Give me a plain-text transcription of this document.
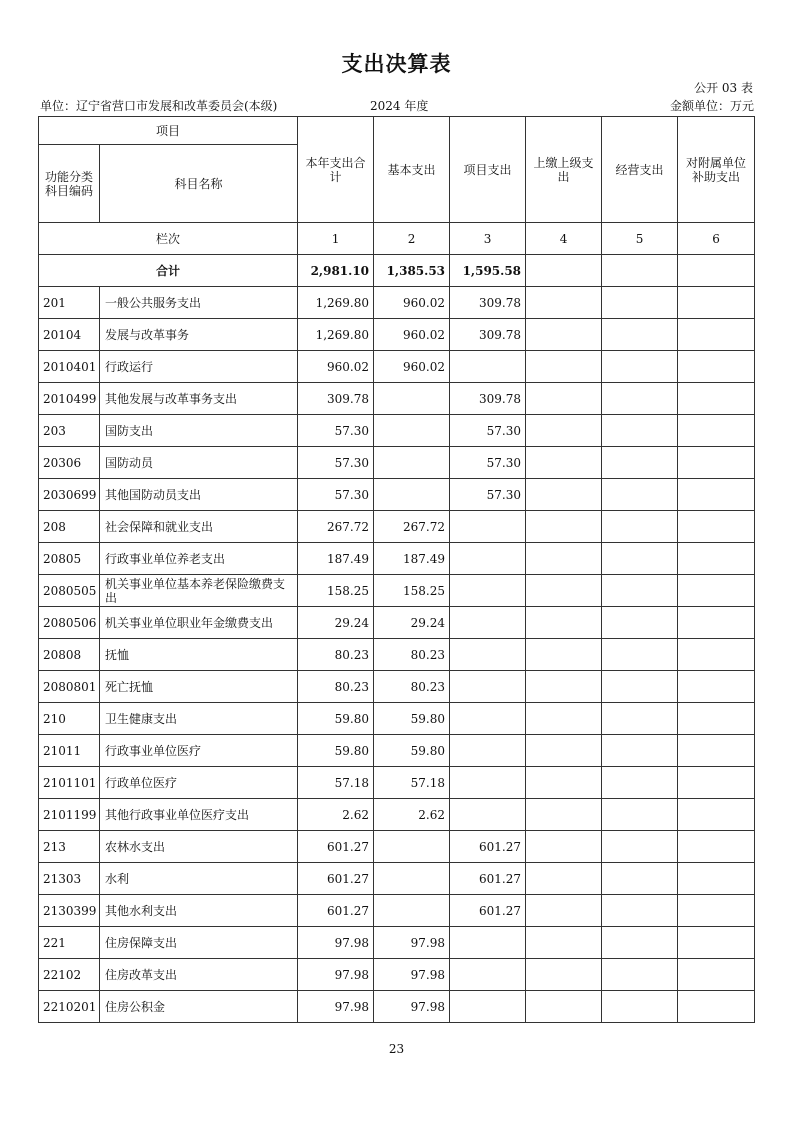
支出决算表
公开 03 表
单位：辽宁省营口市发展和改革委员会(本级)	2024 年度	金额单位：万元
项目		本年支出合计	基本支出	项目支出	上缴上级支出	经营支出	对附属单位补助支出
功能分类科目编码	科目名称						
栏次		1	2	3	4	5	6
合计		2,981.10	1,385.53	1,595.58			
201	一般公共服务支出	1,269.80	960.02	309.78			
20104	发展与改革事务	1,269.80	960.02	309.78			
2010401	行政运行	960.02	960.02				
2010499	其他发展与改革事务支出	309.78		309.78			
203	国防支出	57.30		57.30			
20306	国防动员	57.30		57.30			
2030699	其他国防动员支出	57.30		57.30			
208	社会保障和就业支出	267.72	267.72				
20805	行政事业单位养老支出	187.49	187.49				
2080505	机关事业单位基本养老保险缴费支出	158.25	158.25				
2080506	机关事业单位职业年金缴费支出	29.24	29.24				
20808	抚恤	80.23	80.23				
2080801	死亡抚恤	80.23	80.23				
210	卫生健康支出	59.80	59.80				
21011	行政事业单位医疗	59.80	59.80				
2101101	行政单位医疗	57.18	57.18				
2101199	其他行政事业单位医疗支出	2.62	2.62				
213	农林水支出	601.27		601.27			
21303	水利	601.27		601.27			
2130399	其他水利支出	601.27		601.27			
221	住房保障支出	97.98	97.98				
22102	住房改革支出	97.98	97.98				
2210201	住房公积金	97.98	97.98				
23
